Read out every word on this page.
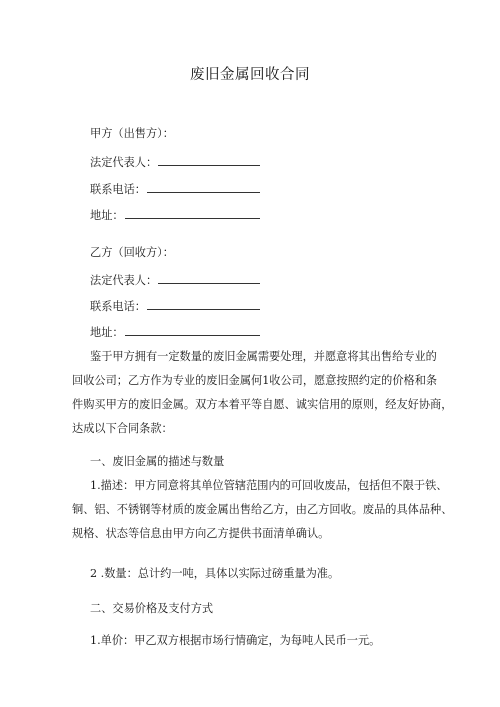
废旧金属回收合同
甲方（出售方）：
法定代表人：
联系电话：
地址：
乙方（回收方）：
法定代表人：
联系电话：
地址：
鉴于甲方拥有一定数量的废旧金属需要处理，并愿意将其出售给专业的
回收公司；乙方作为专业的废旧金属何1收公司，愿意按照约定的价格和条
件购买甲方的废旧金属。双方本着平等自愿、诚实信用的原则，经友好协商，
达成以下合同条款：
一、废旧金属的描述与数量
1.描述：甲方同意将其单位管辖范围内的可回收废品，包括但不限于铁、
铜、铝、不锈钢等材质的废金属出售给乙方，由乙方回收。废品的具体品种、
规格、状态等信息由甲方向乙方提供书面清单确认。
2 .数量：总计约一吨，具体以实际过磅重量为准。
二、交易价格及支付方式
1.单价：甲乙双方根据市场行情确定，为每吨人民币一元。
